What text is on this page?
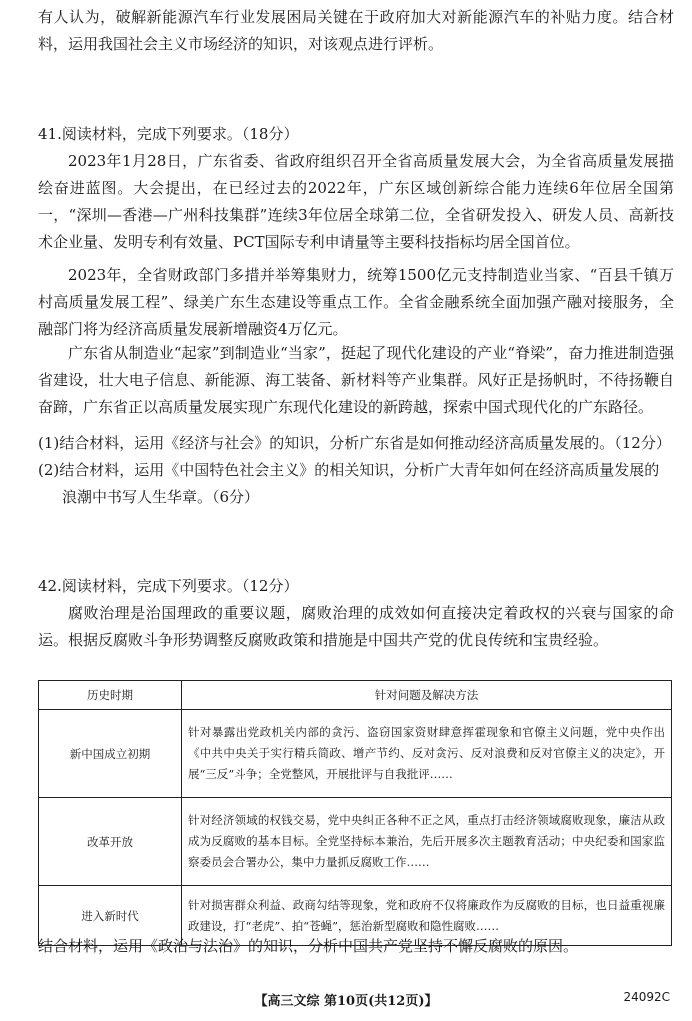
有人认为，破解新能源汽车行业发展困局关键在于政府加大对新能源汽车的补贴力度。结合材料，运用我国社会主义市场经济的知识，对该观点进行评析。

41.阅读材料，完成下列要求。（18分）

2023年1月28日，广东省委、省政府组织召开全省高质量发展大会，为全省高质量发展描绘奋进蓝图。大会提出，在已经过去的2022年，广东区域创新综合能力连续6年位居全国第一，“深圳—香港—广州科技集群”连续3年位居全球第二位，全省研发投入、研发人员、高新技术企业量、发明专利有效量、PCT国际专利申请量等主要科技指标均居全国首位。

2023年，全省财政部门多措并举筹集财力，统筹1500亿元支持制造业当家、“百县千镇万村高质量发展工程”、绿美广东生态建设等重点工作。全省金融系统全面加强产融对接服务，全融部门将为经济高质量发展新增融资4万亿元。

广东省从制造业“起家”到制造业“当家”，挺起了现代化建设的产业“脊梁”，奋力推进制造强省建设，壮大电子信息、新能源、海工装备、新材料等产业集群。风好正是扬帆时，不待扬鞭自奋蹄，广东省正以高质量发展实现广东现代化建设的新跨越，探索中国式现代化的广东路径。

(1)结合材料，运用《经济与社会》的知识，分析广东省是如何推动经济高质量发展的。（12分）

(2)结合材料，运用《中国特色社会主义》的相关知识，分析广大青年如何在经济高质量发展的浪潮中书写人生华章。（6分）

42.阅读材料，完成下列要求。（12分）

腐败治理是治国理政的重要议题，腐败治理的成效如何直接决定着政权的兴衰与国家的命运。根据反腐败斗争形势调整反腐败政策和措施是中国共产党的优良传统和宝贵经验。

历史时期	针对问题及解决方法
新中国成立初期	针对暴露出党政机关内部的贪污、盗窃国家资财肆意挥霍现象和官僚主义问题，党中央作出《中共中央关于实行精兵简政、增产节约、反对贪污、反对浪费和反对官僚主义的决定》，开展“三反”斗争；全党整风，开展批评与自我批评……
改革开放	针对经济领域的权钱交易，党中央纠正各种不正之风，重点打击经济领域腐败现象，廉洁从政成为反腐败的基本目标。全党坚持标本兼治，先后开展多次主题教育活动；中央纪委和国家监察委员会合署办公，集中力量抓反腐败工作……
进入新时代	针对损害群众利益、政商勾结等现象，党和政府不仅将廉政作为反腐败的目标，也日益重视廉政建设，打“老虎”、拍“苍蝇”，惩治新型腐败和隐性腐败……

结合材料，运用《政治与法治》的知识，分析中国共产党坚持不懈反腐败的原因。

【高三文综 第10页(共12页)】	24092C
